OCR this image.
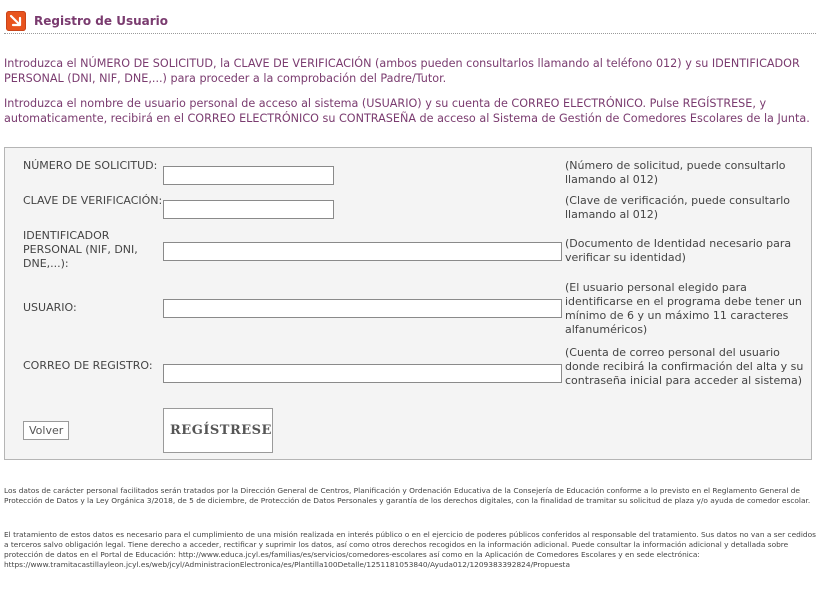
Registro de Usuario
Introduzca el NÚMERO DE SOLICITUD, la CLAVE DE VERIFICACIÓN (ambos pueden consultarlos llamando al teléfono 012) y su IDENTIFICADOR PERSONAL (DNI, NIF, DNE,...) para proceder a la comprobación del Padre/Tutor.
Introduzca el nombre de usuario personal de acceso al sistema (USUARIO) y su cuenta de CORREO ELECTRÓNICO. Pulse REGÍSTRESE, y automaticamente, recibirá en el CORREO ELECTRÓNICO su CONTRASEÑA de acceso al Sistema de Gestión de Comedores Escolares de la Junta.
NÚMERO DE SOLICITUD:	(Número de solicitud, puede consultarlo llamando al 012)
CLAVE DE VERIFICACIÓN:	(Clave de verificación, puede consultarlo llamando al 012)
IDENTIFICADOR PERSONAL (NIF, DNI, DNE,...):
(Documento de Identidad necesario para verificar su identidad)
USUARIO:
(El usuario personal elegido para identificarse en el programa debe tener un mínimo de 6 y un máximo 11 caracteres alfanuméricos)
CORREO DE REGISTRO:
(Cuenta de correo personal del usuario donde recibirá la confirmación del alta y su contraseña inicial para acceder al sistema)
Volver	REGÍSTRESE
Los datos de carácter personal facilitados serán tratados por la Dirección General de Centros, Planificación y Ordenación Educativa de la Consejería de Educación conforme a lo previsto en el Reglamento General de Protección de Datos y la Ley Orgánica 3/2018, de 5 de diciembre, de Protección de Datos Personales y garantía de los derechos digitales, con la finalidad de tramitar su solicitud de plaza y/o ayuda de comedor escolar.
El tratamiento de estos datos es necesario para el cumplimiento de una misión realizada en interés público o en el ejercicio de poderes públicos conferidos al responsable del tratamiento. Sus datos no van a ser cedidos a terceros salvo obligación legal. Tiene derecho a acceder, rectificar y suprimir los datos, así como otros derechos recogidos en la información adicional. Puede consultar la información adicional y detallada sobre protección de datos en el Portal de Educación: http://www.educa.jcyl.es/familias/es/servicios/comedores-escolares así como en la Aplicación de Comedores Escolares y en sede electrónica: https://www.tramitacastillayleon.jcyl.es/web/jcyl/AdministracionElectronica/es/Plantilla100Detalle/1251181053840/Ayuda012/1209383392824/Propuesta
